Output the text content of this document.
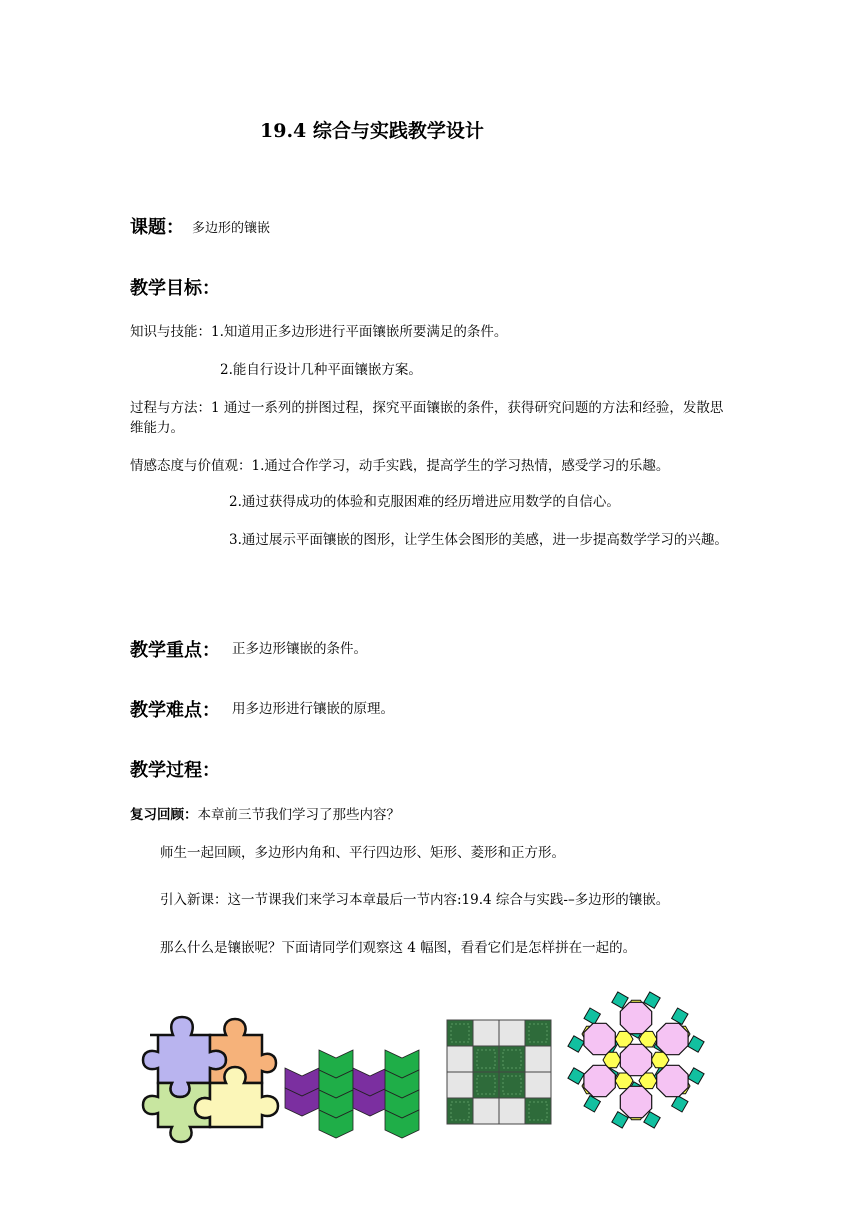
19.4 综合与实践教学设计
课题： 多边形的镶嵌
教学目标：
知识与技能：1.知道用正多边形进行平面镶嵌所要满足的条件。
2.能自行设计几种平面镶嵌方案。
过程与方法：1 通过一系列的拼图过程，探究平面镶嵌的条件，获得研究问题的方法和经验，发散思维能力。
情感态度与价值观：1.通过合作学习，动手实践，提高学生的学习热情，感受学习的乐趣。
2.通过获得成功的体验和克服困难的经历增进应用数学的自信心。
3.通过展示平面镶嵌的图形，让学生体会图形的美感，进一步提高数学学习的兴趣。
教学重点： 正多边形镶嵌的条件。
教学难点： 用多边形进行镶嵌的原理。
教学过程：
复习回顾：本章前三节我们学习了那些内容？
师生一起回顾，多边形内角和、平行四边形、矩形、菱形和正方形。
引入新课：这一节课我们来学习本章最后一节内容:19.4 综合与实践-–多边形的镶嵌。
那么什么是镶嵌呢？下面请同学们观察这 4 幅图，看看它们是怎样拼在一起的。
